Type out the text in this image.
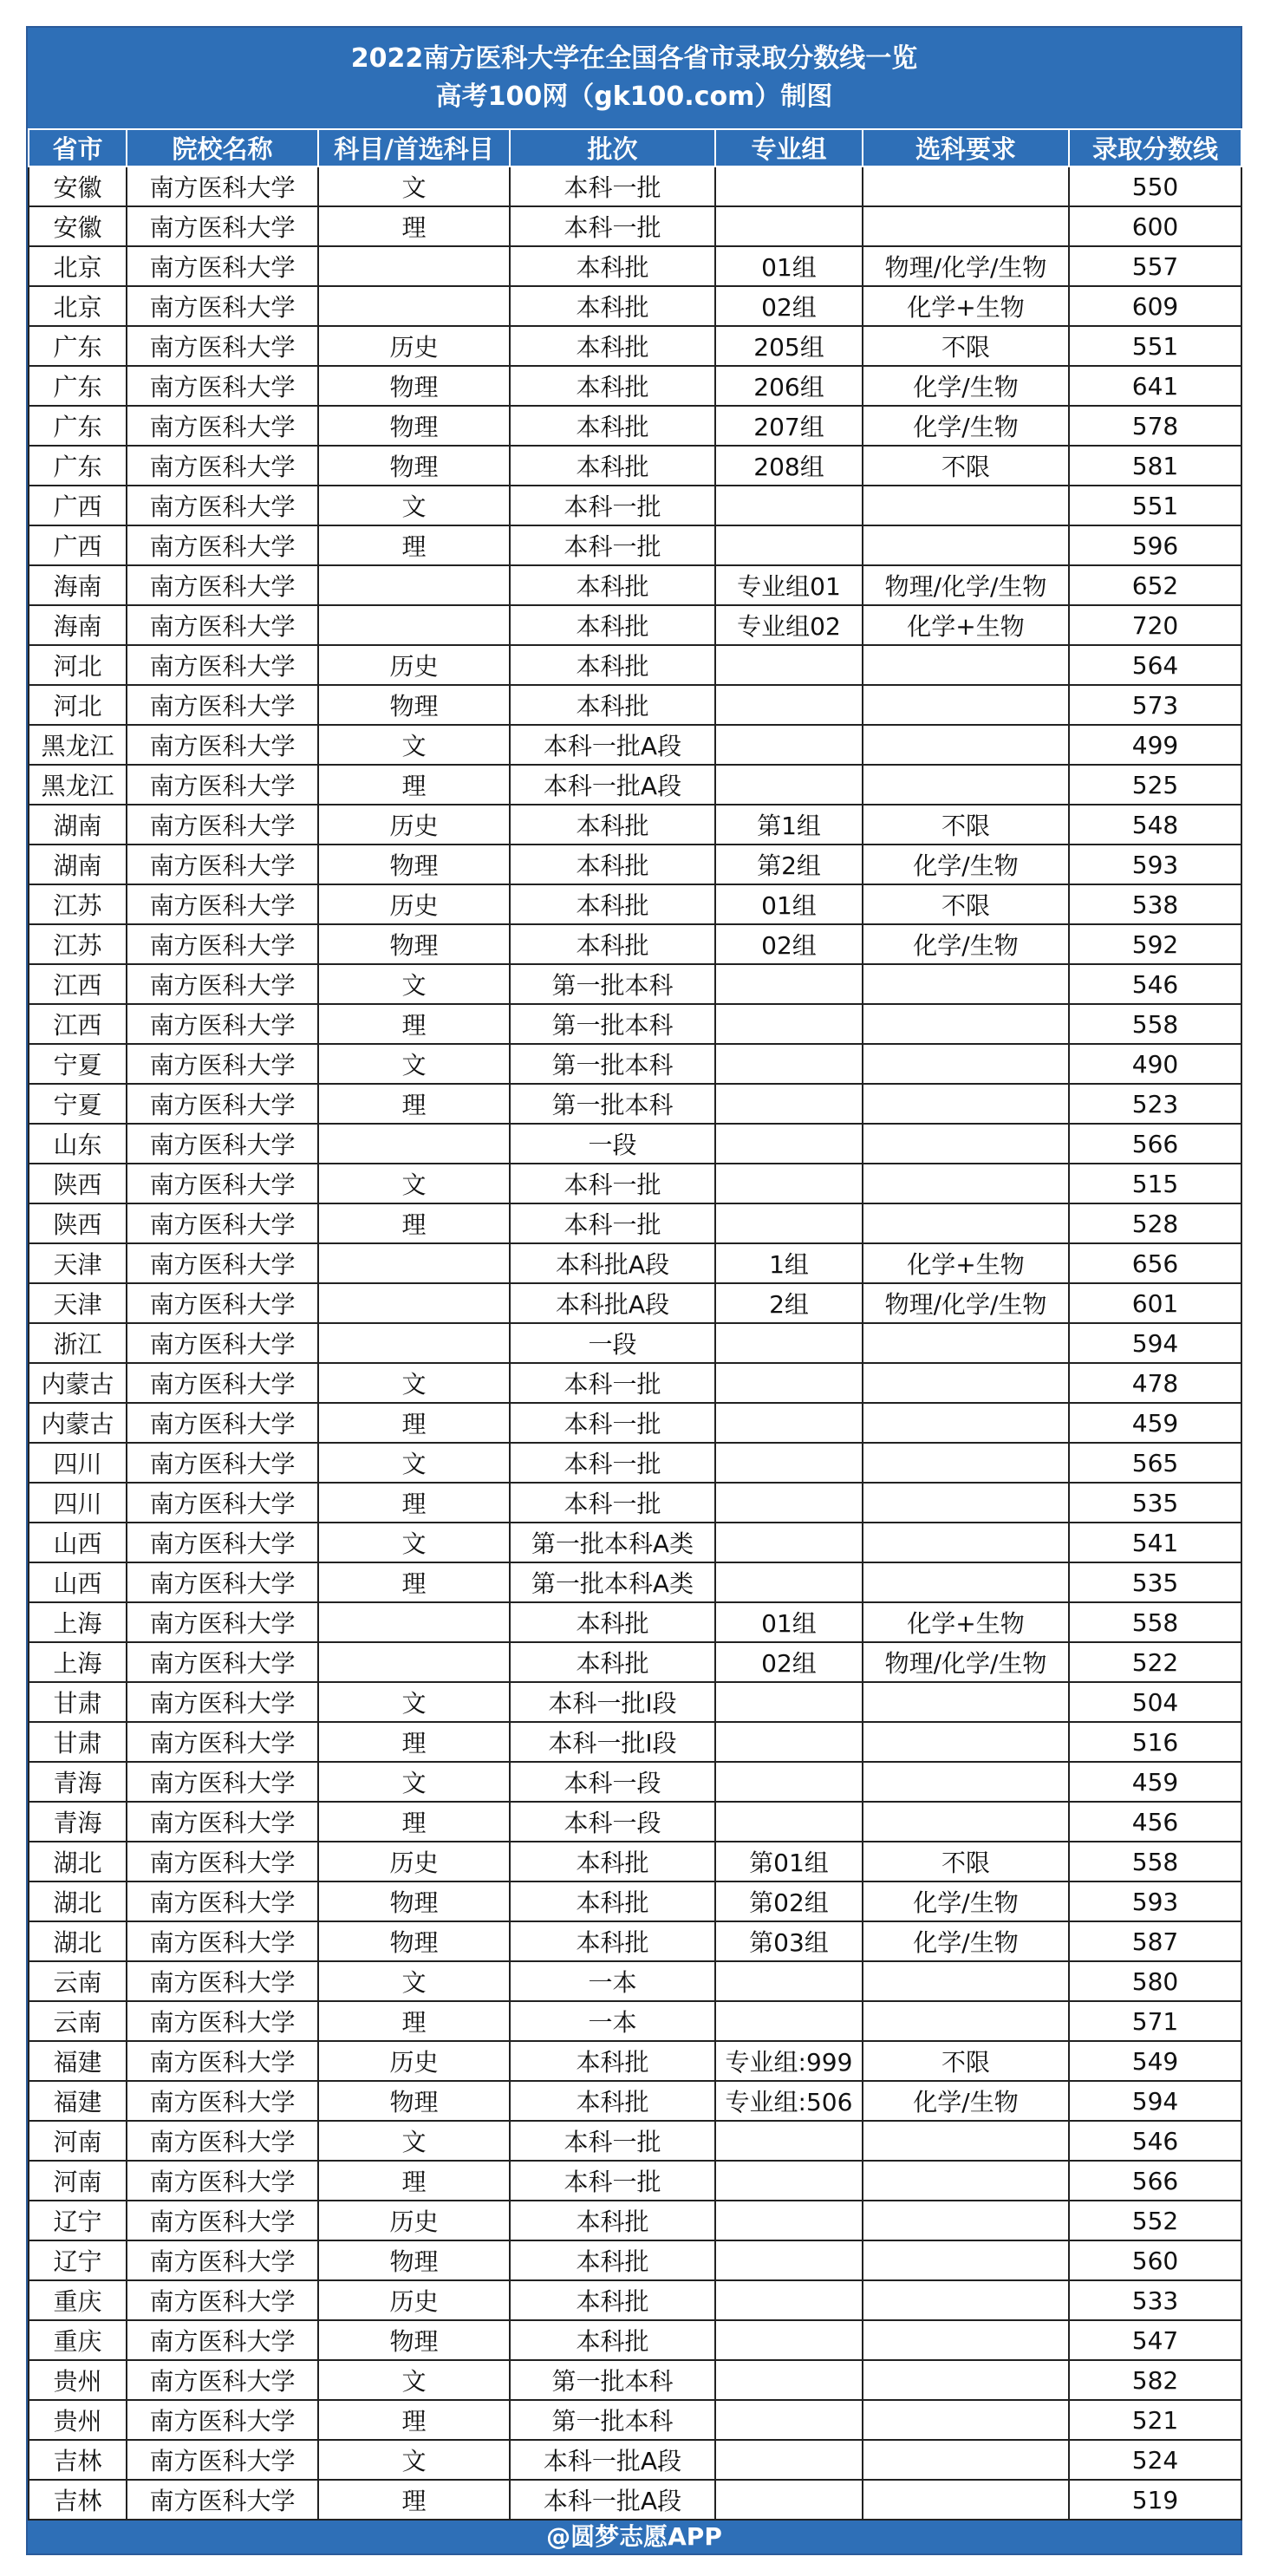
2022南方医科大学在全国各省市录取分数线一览
高考100网（gk100.com）制图
省市	院校名称	科目/首选科目	批次	专业组	选科要求	录取分数线
安徽	南方医科大学	文	本科一批			550
安徽	南方医科大学	理	本科一批			600
北京	南方医科大学		本科批	01组	物理/化学/生物	557
北京	南方医科大学		本科批	02组	化学+生物	609
广东	南方医科大学	历史	本科批	205组	不限	551
广东	南方医科大学	物理	本科批	206组	化学/生物	641
广东	南方医科大学	物理	本科批	207组	化学/生物	578
广东	南方医科大学	物理	本科批	208组	不限	581
广西	南方医科大学	文	本科一批			551
广西	南方医科大学	理	本科一批			596
海南	南方医科大学		本科批	专业组01	物理/化学/生物	652
海南	南方医科大学		本科批	专业组02	化学+生物	720
河北	南方医科大学	历史	本科批			564
河北	南方医科大学	物理	本科批			573
黑龙江	南方医科大学	文	本科一批A段			499
黑龙江	南方医科大学	理	本科一批A段			525
湖南	南方医科大学	历史	本科批	第1组	不限	548
湖南	南方医科大学	物理	本科批	第2组	化学/生物	593
江苏	南方医科大学	历史	本科批	01组	不限	538
江苏	南方医科大学	物理	本科批	02组	化学/生物	592
江西	南方医科大学	文	第一批本科			546
江西	南方医科大学	理	第一批本科			558
宁夏	南方医科大学	文	第一批本科			490
宁夏	南方医科大学	理	第一批本科			523
山东	南方医科大学		一段			566
陕西	南方医科大学	文	本科一批			515
陕西	南方医科大学	理	本科一批			528
天津	南方医科大学		本科批A段	1组	化学+生物	656
天津	南方医科大学		本科批A段	2组	物理/化学/生物	601
浙江	南方医科大学		一段			594
内蒙古	南方医科大学	文	本科一批			478
内蒙古	南方医科大学	理	本科一批			459
四川	南方医科大学	文	本科一批			565
四川	南方医科大学	理	本科一批			535
山西	南方医科大学	文	第一批本科A类			541
山西	南方医科大学	理	第一批本科A类			535
上海	南方医科大学		本科批	01组	化学+生物	558
上海	南方医科大学		本科批	02组	物理/化学/生物	522
甘肃	南方医科大学	文	本科一批I段			504
甘肃	南方医科大学	理	本科一批I段			516
青海	南方医科大学	文	本科一段			459
青海	南方医科大学	理	本科一段			456
湖北	南方医科大学	历史	本科批	第01组	不限	558
湖北	南方医科大学	物理	本科批	第02组	化学/生物	593
湖北	南方医科大学	物理	本科批	第03组	化学/生物	587
云南	南方医科大学	文	一本			580
云南	南方医科大学	理	一本			571
福建	南方医科大学	历史	本科批	专业组:999	不限	549
福建	南方医科大学	物理	本科批	专业组:506	化学/生物	594
河南	南方医科大学	文	本科一批			546
河南	南方医科大学	理	本科一批			566
辽宁	南方医科大学	历史	本科批			552
辽宁	南方医科大学	物理	本科批			560
重庆	南方医科大学	历史	本科批			533
重庆	南方医科大学	物理	本科批			547
贵州	南方医科大学	文	第一批本科			582
贵州	南方医科大学	理	第一批本科			521
吉林	南方医科大学	文	本科一批A段			524
吉林	南方医科大学	理	本科一批A段			519
@圆梦志愿APP
